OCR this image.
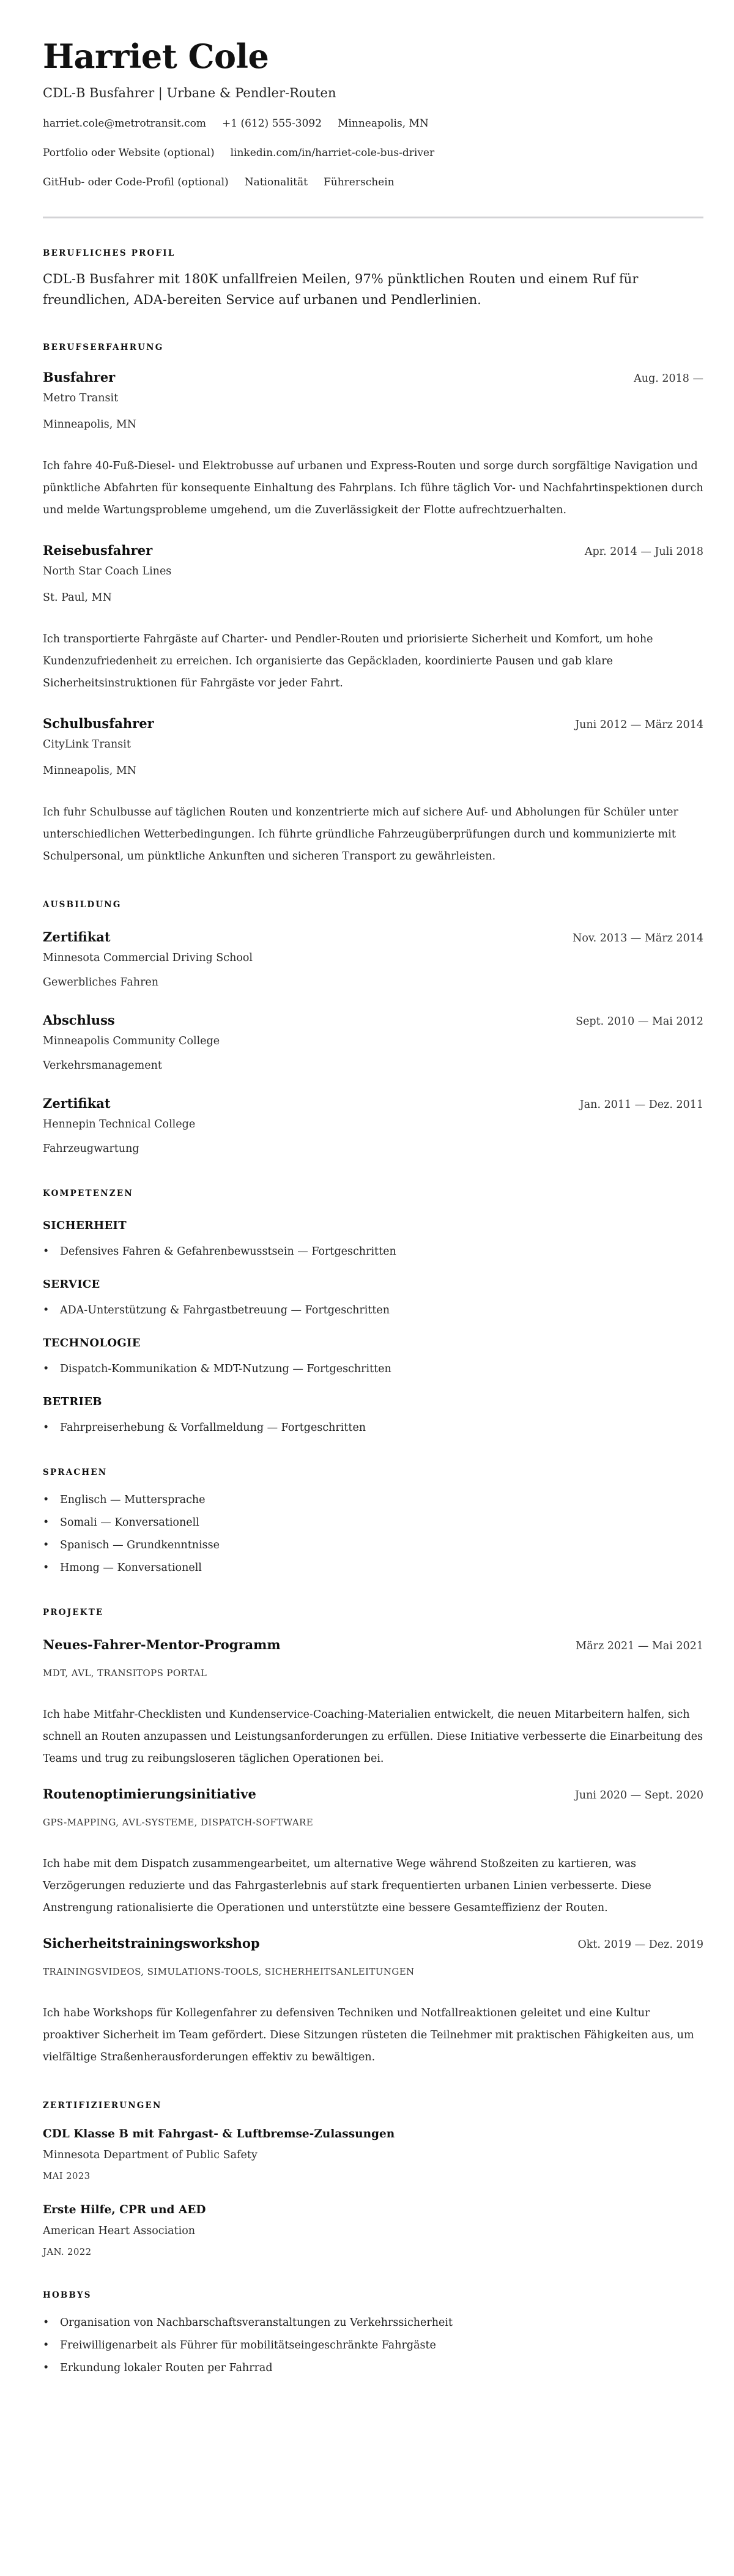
Harriet Cole
CDL-B Busfahrer | Urbane & Pendler-Routen
harriet.cole@metrotransit.com +1 (612) 555-3092 Minneapolis, MN
Portfolio oder Website (optional) linkedin.com/in/harriet-cole-bus-driver
GitHub- oder Code-Profil (optional) Nationalität Führerschein
BERUFLICHES PROFIL

CDL-B Busfahrer mit 180K unfallfreien Meilen, 97% pünktlichen Routen und einem Ruf für freundlichen, ADA-bereiten Service auf urbanen und Pendlerlinien.

BERUFSERFAHRUNG
Busfahrer	Aug. 2018 —
Metro Transit
Minneapolis, MN

Ich fahre 40-Fuß-Diesel- und Elektrobusse auf urbanen und Express-Routen und sorge durch sorgfältige Navigation und pünktliche Abfahrten für konsequente Einhaltung des Fahrplans. Ich führe täglich Vor- und Nachfahrtinspektionen durch und melde Wartungsprobleme umgehend, um die Zuverlässigkeit der Flotte aufrechtzuerhalten.

Reisebusfahrer	Apr. 2014 — Juli 2018
North Star Coach Lines
St. Paul, MN

Ich transportierte Fahrgäste auf Charter- und Pendler-Routen und priorisierte Sicherheit und Komfort, um hohe Kundenzufriedenheit zu erreichen. Ich organisierte das Gepäckladen, koordinierte Pausen und gab klare Sicherheitsinstruktionen für Fahrgäste vor jeder Fahrt.

Schulbusfahrer	Juni 2012 — März 2014
CityLink Transit
Minneapolis, MN

Ich fuhr Schulbusse auf täglichen Routen und konzentrierte mich auf sichere Auf- und Abholungen für Schüler unter unterschiedlichen Wetterbedingungen. Ich führte gründliche Fahrzeugüberprüfungen durch und kommunizierte mit Schulpersonal, um pünktliche Ankunften und sicheren Transport zu gewährleisten.

AUSBILDUNG
Zertifikat	Nov. 2013 — März 2014
Minnesota Commercial Driving School
Gewerbliches Fahren
Abschluss	Sept. 2010 — Mai 2012
Minneapolis Community College
Verkehrsmanagement
Zertifikat	Jan. 2011 — Dez. 2011
Hennepin Technical College
Fahrzeugwartung
KOMPETENZEN
SICHERHEIT
• Defensives Fahren & Gefahrenbewusstsein — Fortgeschritten
SERVICE
• ADA-Unterstützung & Fahrgastbetreuung — Fortgeschritten
TECHNOLOGIE
• Dispatch-Kommunikation & MDT-Nutzung — Fortgeschritten
BETRIEB
• Fahrpreiserhebung & Vorfallmeldung — Fortgeschritten
SPRACHEN
• Englisch — Muttersprache
• Somali — Konversationell
• Spanisch — Grundkenntnisse
• Hmong — Konversationell
PROJEKTE
Neues-Fahrer-Mentor-Programm	März 2021 — Mai 2021
MDT, AVL, TRANSITOPS PORTAL

Ich habe Mitfahr-Checklisten und Kundenservice-Coaching-Materialien entwickelt, die neuen Mitarbeitern halfen, sich schnell an Routen anzupassen und Leistungsanforderungen zu erfüllen. Diese Initiative verbesserte die Einarbeitung des Teams und trug zu reibungsloseren täglichen Operationen bei.

Routenoptimierungsinitiative	Juni 2020 — Sept. 2020
GPS-MAPPING, AVL-SYSTEME, DISPATCH-SOFTWARE

Ich habe mit dem Dispatch zusammengearbeitet, um alternative Wege während Stoßzeiten zu kartieren, was Verzögerungen reduzierte und das Fahrgasterlebnis auf stark frequentierten urbanen Linien verbesserte. Diese Anstrengung rationalisierte die Operationen und unterstützte eine bessere Gesamteffizienz der Routen.

Sicherheitstrainingsworkshop	Okt. 2019 — Dez. 2019
TRAININGSVIDEOS, SIMULATIONS-TOOLS, SICHERHEITSANLEITUNGEN

Ich habe Workshops für Kollegenfahrer zu defensiven Techniken und Notfallreaktionen geleitet und eine Kultur proaktiver Sicherheit im Team gefördert. Diese Sitzungen rüsteten die Teilnehmer mit praktischen Fähigkeiten aus, um vielfältige Straßenherausforderungen effektiv zu bewältigen.

ZERTIFIZIERUNGEN
CDL Klasse B mit Fahrgast- & Luftbremse-Zulassungen
Minnesota Department of Public Safety
MAI 2023
Erste Hilfe, CPR und AED
American Heart Association
JAN. 2022
HOBBYS
• Organisation von Nachbarschaftsveranstaltungen zu Verkehrssicherheit
• Freiwilligenarbeit als Führer für mobilitätseingeschränkte Fahrgäste
• Erkundung lokaler Routen per Fahrrad
